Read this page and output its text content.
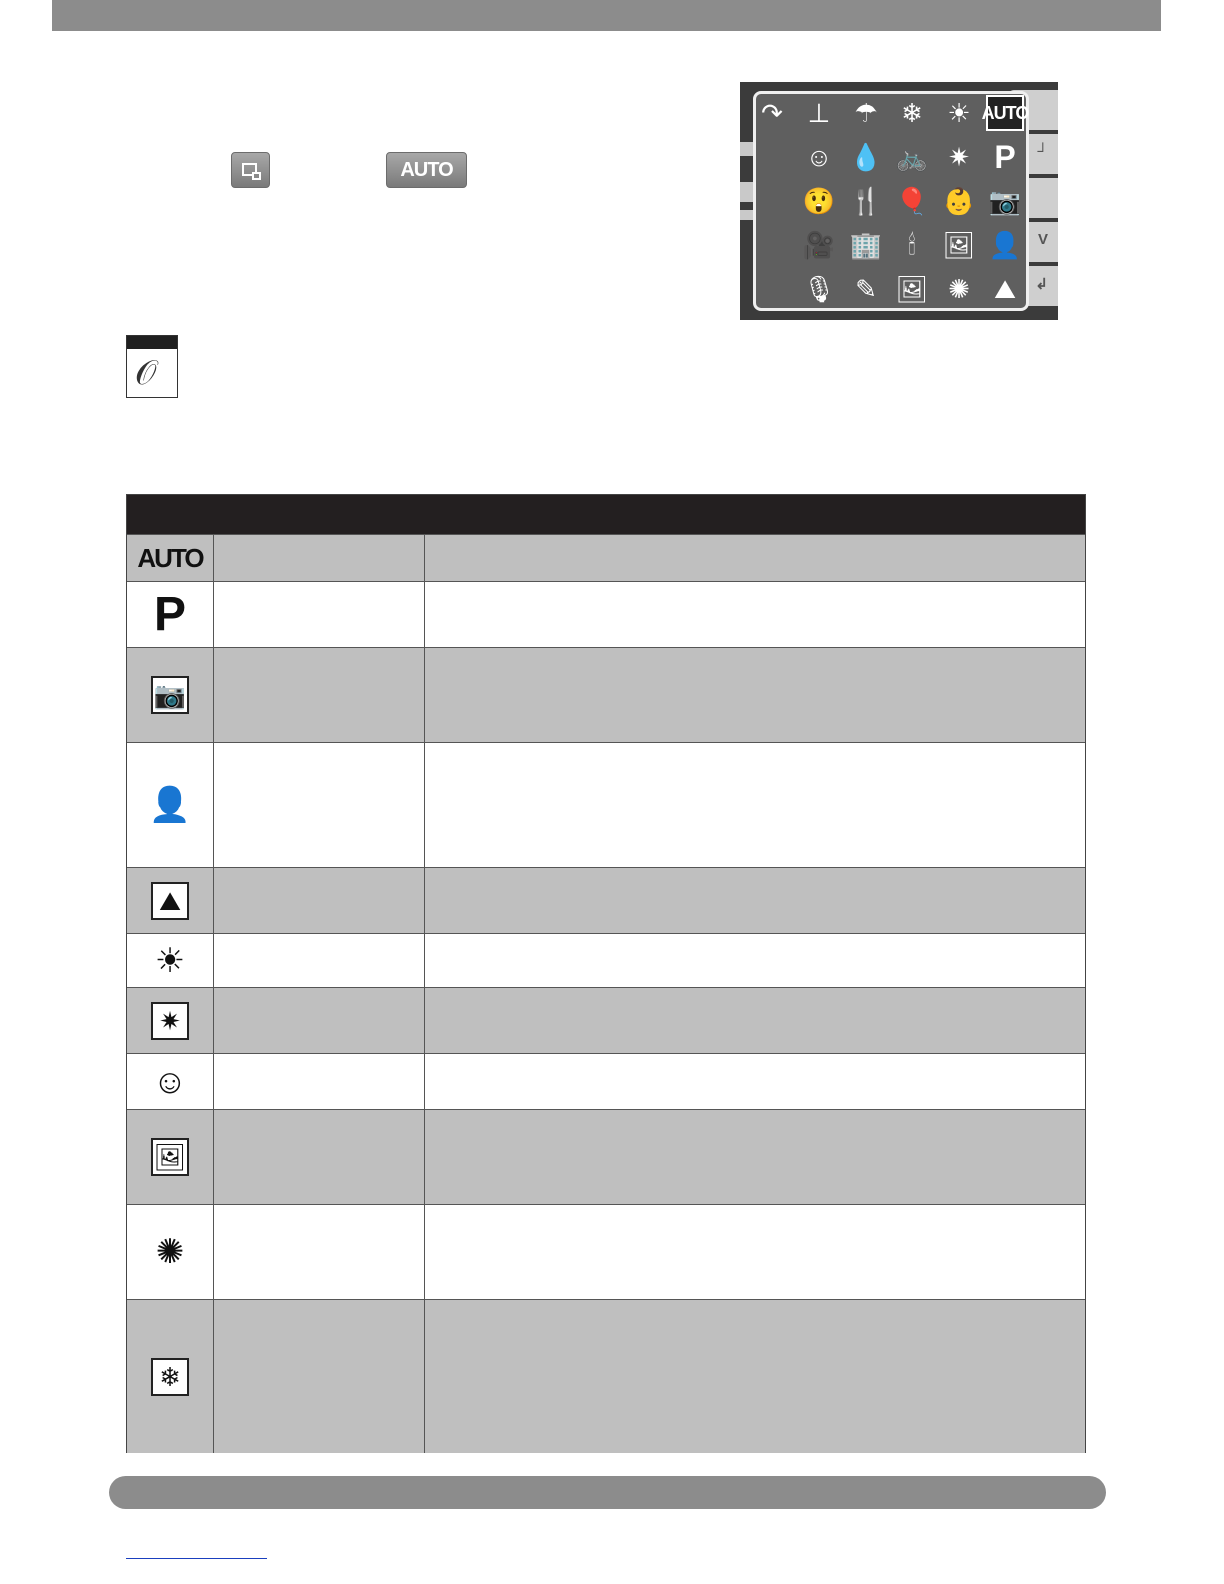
AUTO
┘
V
↲
↷ ⊥ ☂ ❄ ☀ AUTO
☺ 💧 🚲 ✷ P
😲 🍴 🎈 👶 📷
🎥 🏢	🕯	🖼 👤
🎙 ✎ 🖼 ✺ ⛰
𝒪
AUTO
P
📷
👤
⛰
☀
✷
☺
🖼
✺
❄
